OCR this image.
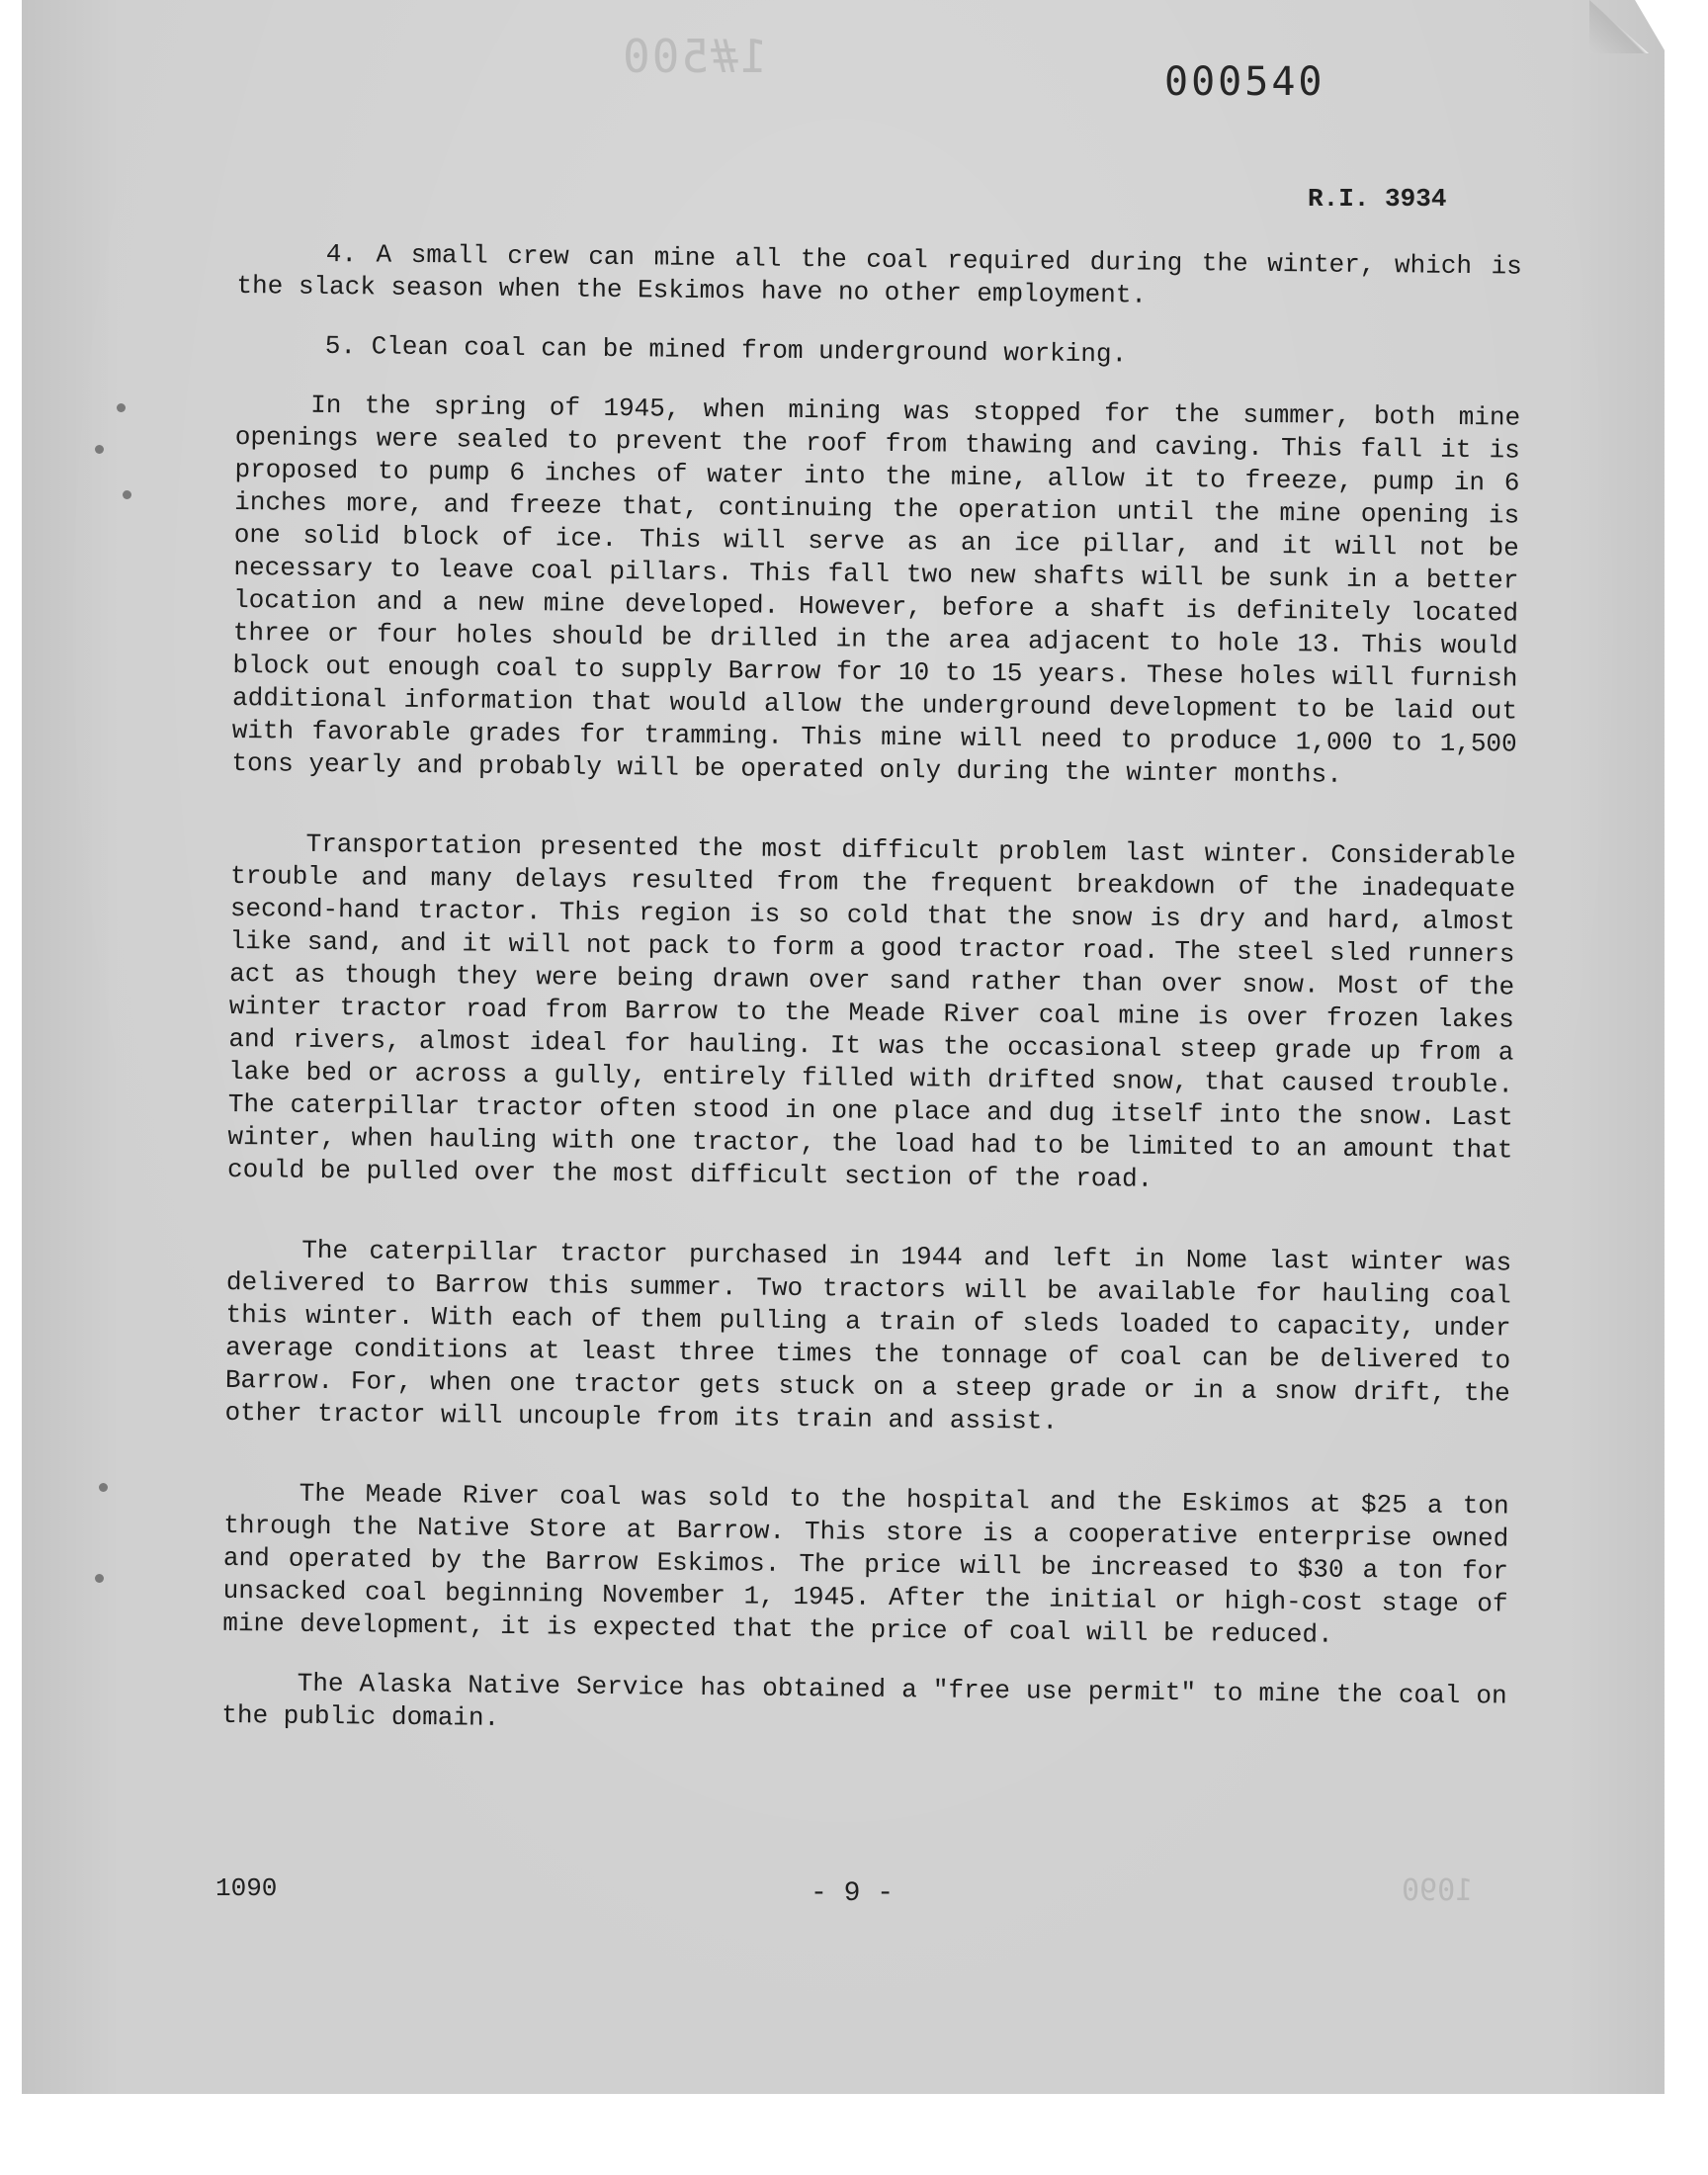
1#500
1090
000540
R.I. 3934

4. A small crew can mine all the coal required during the winter, which is the slack season when the Eskimos have no other employment.

5. Clean coal can be mined from underground working.

In the spring of 1945, when mining was stopped for the summer, both mine openings were sealed to prevent the roof from thawing and caving. This fall it is proposed to pump 6 inches of water into the mine, allow it to freeze, pump in 6 inches more, and freeze that, continuing the operation until the mine opening is one solid block of ice. This will serve as an ice pillar, and it will not be necessary to leave coal pillars. This fall two new shafts will be sunk in a better location and a new mine developed. However, before a shaft is definitely located three or four holes should be drilled in the area adjacent to hole 13. This would block out enough coal to supply Barrow for 10 to 15 years. These holes will furnish additional information that would allow the underground development to be laid out with favorable grades for tramming. This mine will need to produce 1,000 to 1,500 tons yearly and probably will be operated only during the winter months.

Transportation presented the most difficult problem last winter. Considerable trouble and many delays resulted from the frequent breakdown of the inadequate second-hand tractor. This region is so cold that the snow is dry and hard, almost like sand, and it will not pack to form a good tractor road. The steel sled runners act as though they were being drawn over sand rather than over snow. Most of the winter tractor road from Barrow to the Meade River coal mine is over frozen lakes and rivers, almost ideal for hauling. It was the occasional steep grade up from a lake bed or across a gully, entirely filled with drifted snow, that caused trouble. The caterpillar tractor often stood in one place and dug itself into the snow. Last winter, when hauling with one tractor, the load had to be limited to an amount that could be pulled over the most difficult section of the road.

The caterpillar tractor purchased in 1944 and left in Nome last winter was delivered to Barrow this summer. Two tractors will be available for hauling coal this winter. With each of them pulling a train of sleds loaded to capacity, under average conditions at least three times the tonnage of coal can be delivered to Barrow. For, when one tractor gets stuck on a steep grade or in a snow drift, the other tractor will uncouple from its train and assist.

The Meade River coal was sold to the hospital and the Eskimos at $25 a ton through the Native Store at Barrow. This store is a cooperative enterprise owned and operated by the Barrow Eskimos. The price will be increased to $30 a ton for unsacked coal beginning November 1, 1945. After the initial or high-cost stage of mine development, it is expected that the price of coal will be reduced.

The Alaska Native Service has obtained a "free use permit" to mine the coal on the public domain.

1090	- 9 -
